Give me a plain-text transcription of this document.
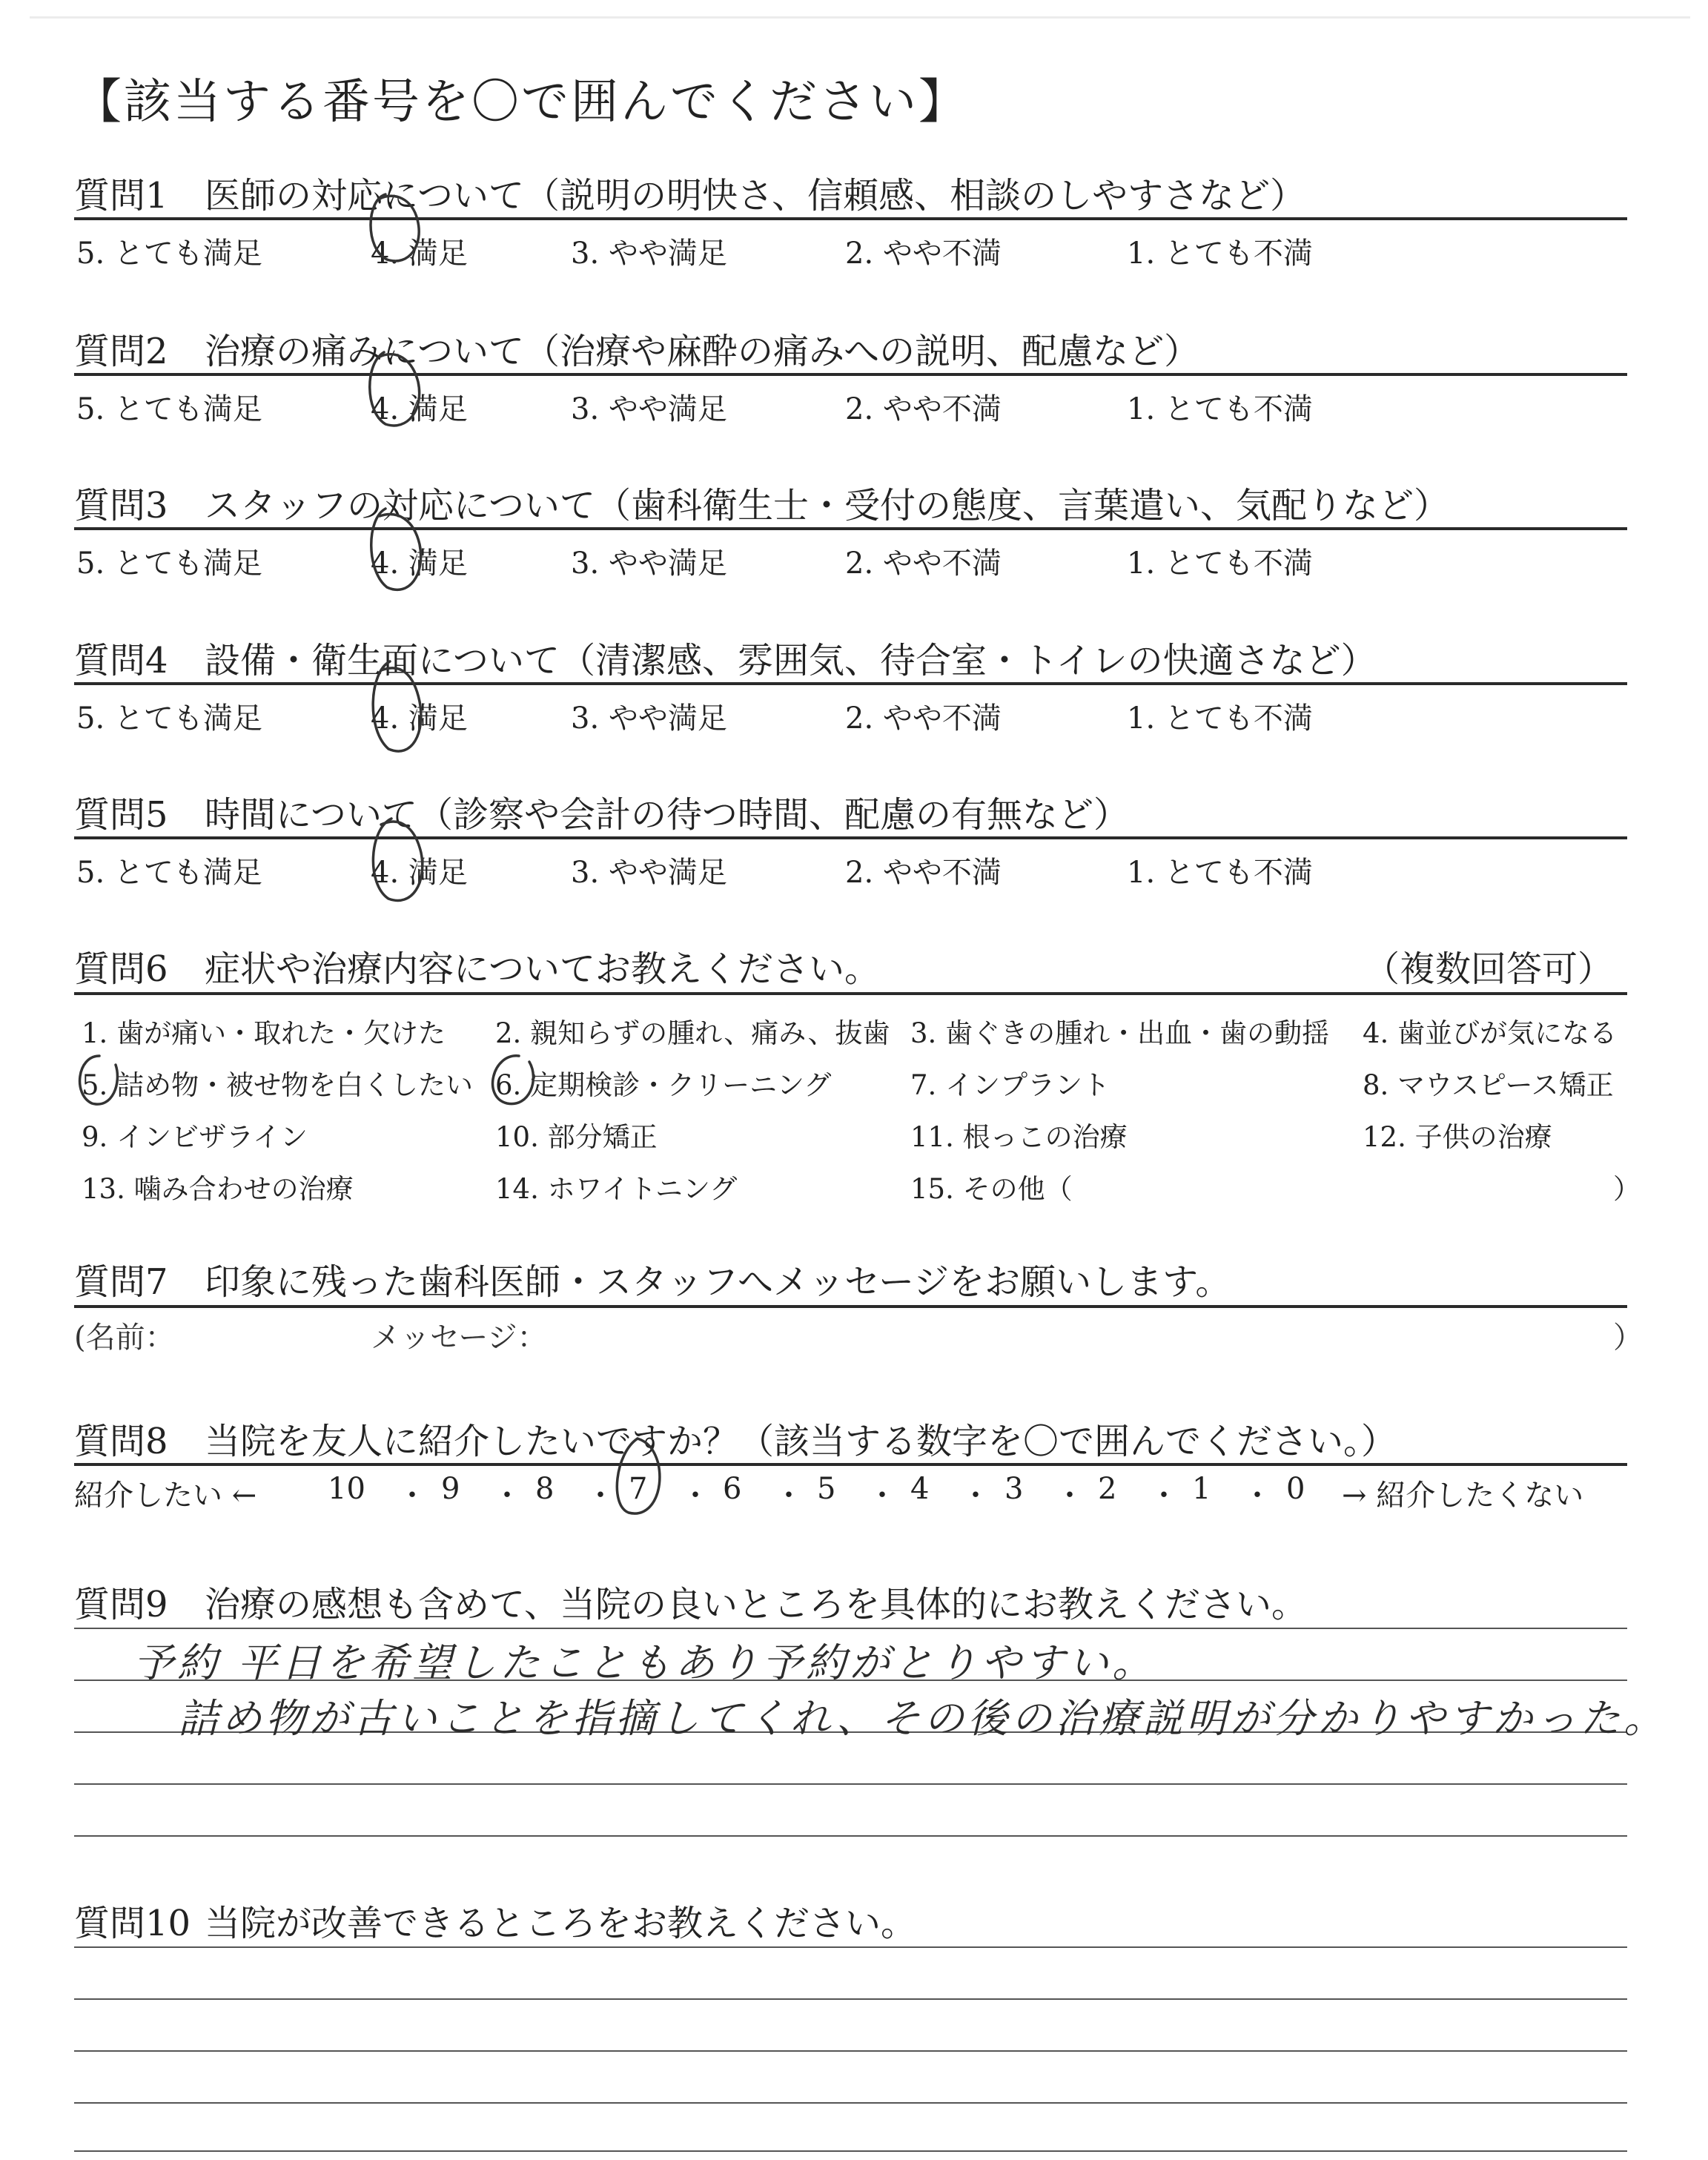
【該当する番号を〇で囲んでください】
質問1 医師の対応について（説明の明快さ、信頼感、相談のしやすさなど）
5. とても満足	4. 満足	3. やや満足	2. やや不満	1. とても不満
質問2 治療の痛みについて（治療や麻酔の痛みへの説明、配慮など）
5. とても満足	4. 満足	3. やや満足	2. やや不満	1. とても不満
質問3 スタッフの対応について（歯科衛生士・受付の態度、言葉遣い、気配りなど）
5. とても満足	4. 満足	3. やや満足	2. やや不満	1. とても不満
質問4 設備・衛生面について（清潔感、雰囲気、待合室・トイレの快適さなど）
5. とても満足	4. 満足	3. やや満足	2. やや不満	1. とても不満
質問5 時間について（診察や会計の待つ時間、配慮の有無など）
5. とても満足	4. 満足	3. やや満足	2. やや不満	1. とても不満
質問6 症状や治療内容についてお教えください。	（複数回答可）
1. 歯が痛い・取れた・欠けた 2. 親知らずの腫れ、痛み、抜歯 3. 歯ぐきの腫れ・出血・歯の動揺 4. 歯並びが気になる
5. 詰め物・被せ物を白くしたい 6. 定期検診・クリーニング	7. インプラント	8. マウスピース矯正
9. インビザライン	10. 部分矯正	11. 根っこの治療	12. 子供の治療
13. 噛み合わせの治療	14. ホワイトニング	15. その他（	）
質問7 印象に残った歯科医師・スタッフへメッセージをお願いします。
(名前：	メッセージ：	）
質問8 当院を友人に紹介したいですか？（該当する数字を〇で囲んでください。）
紹介したい ← 10 ・ 9 ・ 8 ・ 7 ・ 6 ・ 5 ・ 4 ・ 3 ・ 2 ・ 1 ・ 0 → 紹介したくない
質問9 治療の感想も含めて、当院の良いところを具体的にお教えください。
予約 平日を希望したこともあり予約がとりやすい。
詰め物が古いことを指摘してくれ、その後の治療説明が分かりやすかった。
質問10 当院が改善できるところをお教えください。
